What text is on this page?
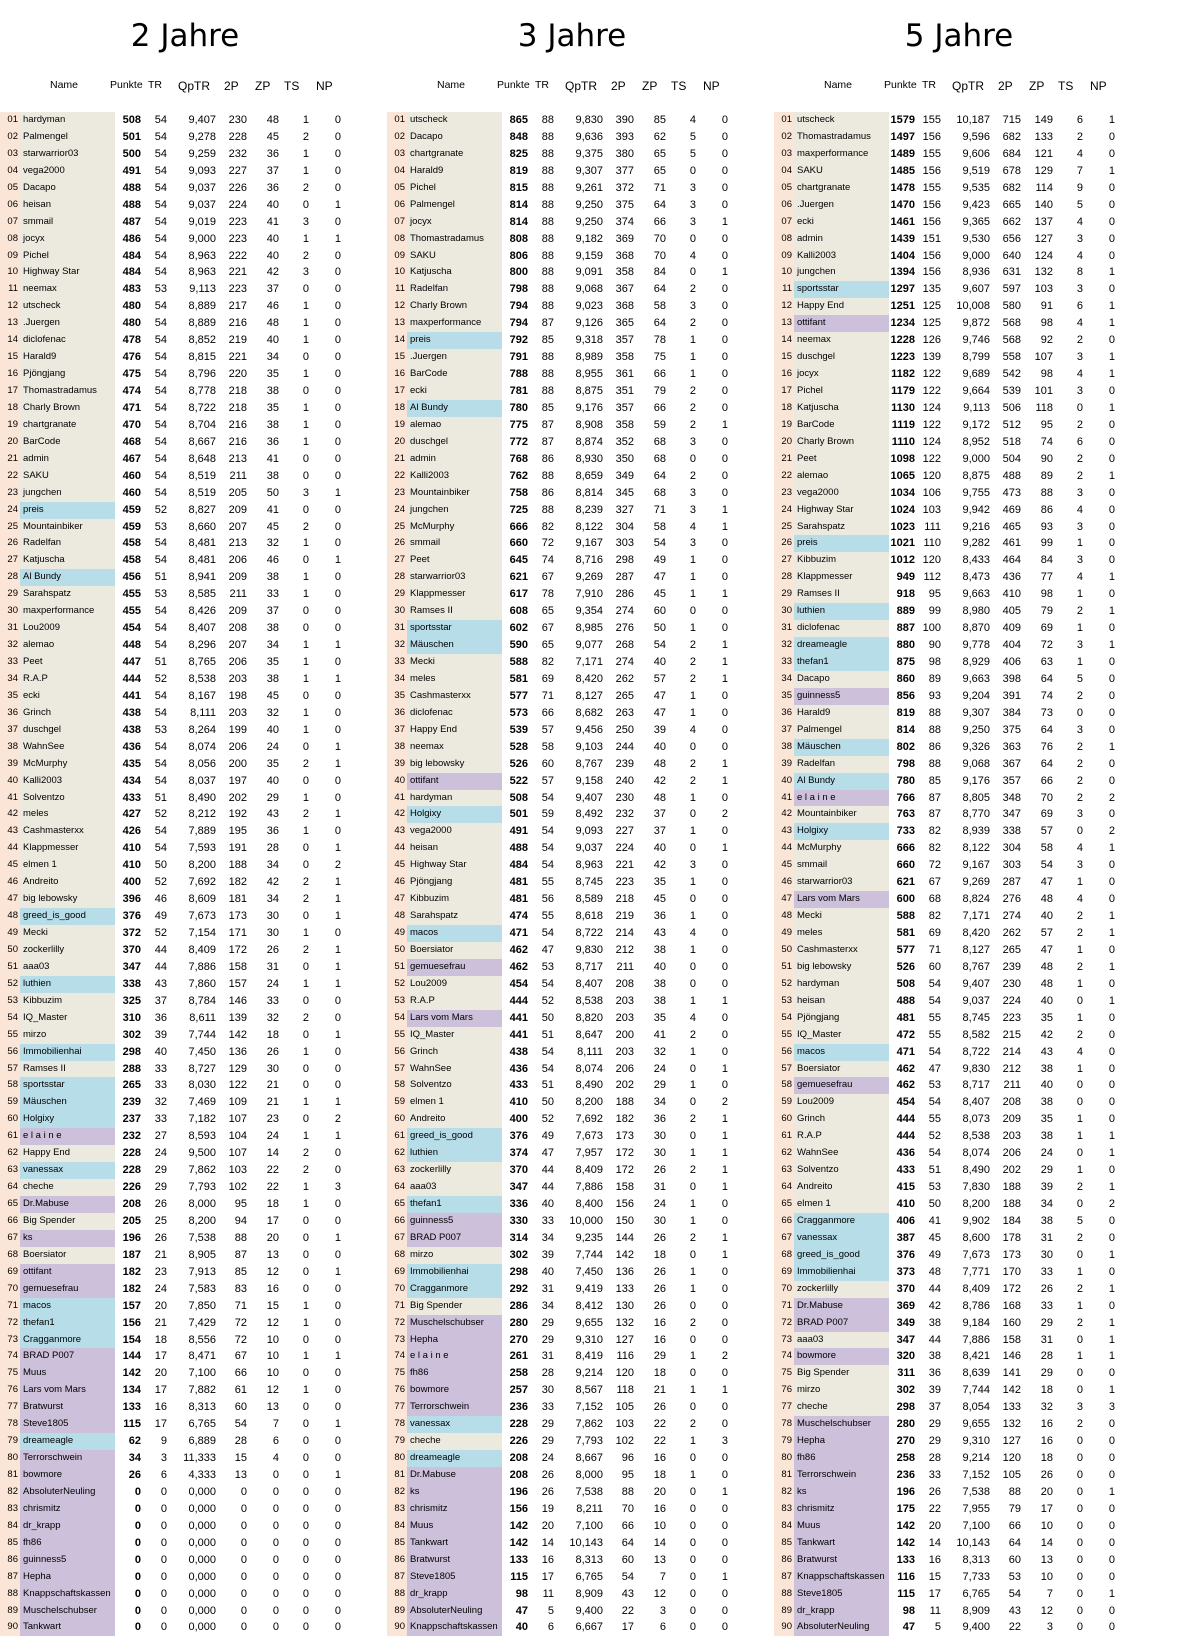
2 Jahre
Name	Punkte TR QpTR 2P ZP TS NP
01 hardyman	508 54 9,407 230 48 1 0
02 Palmengel	501 54 9,278 228 45 2 0
03 starwarrior03	500 54 9,259 232 36 1 0
04 vega2000	491 54 9,093 227 37 1 0
05 Dacapo	488 54 9,037 226 36 2 0
06 heisan	488 54 9,037 224 40 0 1
07 smmail	487 54 9,019 223 41 3 0
08 jocyx	486 54 9,000 223 40 1 1
09 Pichel	484 54 8,963 222 40 2 0
10 Highway Star	484 54 8,963 221 42 3 0
11 neemax	483 53 9,113 223 37 0 0
12 utscheck	480 54 8,889 217 46 1 0
13 .Juergen	480 54 8,889 216 48 1 0
14 diclofenac	478 54 8,852 219 40 1 0
15 Harald9	476 54 8,815 221 34 0 0
16 Pjöngjang	475 54 8,796 220 35 1 0
17 Thomastradamus	474 54 8,778 218 38 0 0
18 Charly Brown	471 54 8,722 218 35 1 0
19 chartgranate	470 54 8,704 216 38 1 0
20 BarCode	468 54 8,667 216 36 1 0
21 admin	467 54 8,648 213 41 0 0
22 SAKU	460 54 8,519 211 38 0 0
23 jungchen	460 54 8,519 205 50 3 1
24 preis	459 52 8,827 209 41 0 0
25 Mountainbiker	459 53 8,660 207 45 2 0
26 Radelfan	458 54 8,481 213 32 1 0
27 Katjuscha	458 54 8,481 206 46 0 1
28 Al Bundy	456 51 8,941 209 38 1 0
29 Sarahspatz	455 53 8,585 211 33 1 0
30 maxperformance	455 54 8,426 209 37 0 0
31 Lou2009	454 54 8,407 208 38 0 0
32 alemao	448 54 8,296 207 34 1 1
33 Peet	447 51 8,765 206 35 1 0
34 R.A.P	444 52 8,538 203 38 1 1
35 ecki	441 54 8,167 198 45 0 0
36 Grinch	438 54 8,111 203 32 1 0
37 duschgel	438 53 8,264 199 40 1 0
38 WahnSee	436 54 8,074 206 24 0 1
39 McMurphy	435 54 8,056 200 35 2 1
40 Kalli2003	434 54 8,037 197 40 0 0
41 Solventzo	433 51 8,490 202 29 1 0
42 meles	427 52 8,212 192 43 2 1
43 Cashmasterxx	426 54 7,889 195 36 1 0
44 Klappmesser	410 54 7,593 191 28 0 1
45 elmen 1	410 50 8,200 188 34 0 2
46 Andreito	400 52 7,692 182 42 2 1
47 big lebowsky	396 46 8,609 181 34 2 1
48 greed_is_good	376 49 7,673 173 30 0 1
49 Mecki	372 52 7,154 171 30 1 0
50 zockerlilly	370 44 8,409 172 26 2 1
51 aaa03	347 44 7,886 158 31 0 1
52 luthien	338 43 7,860 157 24 1 1
53 Kibbuzim	325 37 8,784 146 33 0 0
54 IQ_Master	310 36 8,611 139 32 2 0
55 mirzo	302 39 7,744 142 18 0 1
56 Immobilienhai	298 40 7,450 136 26 1 0
57 Ramses II	288 33 8,727 129 30 0 0
58 sportsstar	265 33 8,030 122 21 0 0
59 Mäuschen	239 32 7,469 109 21 1 1
60 Holgixy	237 33 7,182 107 23 0 2
61 e l a i n e	232 27 8,593 104 24 1 1
62 Happy End	228 24 9,500 107 14 2 0
63 vanessax	228 29 7,862 103 22 2 0
64 cheche	226 29 7,793 102 22 1 3
65 Dr.Mabuse	208 26 8,000 95 18 1 0
66 Big Spender	205 25 8,200 94 17 0 0
67 ks	196 26 7,538 88 20 0 1
68 Boersiator	187 21 8,905 87 13 0 0
69 ottifant	182 23 7,913 85 12 0 1
70 gemuesefrau	182 24 7,583 83 16 0 0
71 macos	157 20 7,850 71 15 1 0
72 thefan1	156 21 7,429 72 12 1 0
73 Cragganmore	154 18 8,556 72 10 0 0
74 BRAD P007	144 17 8,471 67 10 1 1
75 Muus	142 20 7,100 66 10 0 0
76 Lars vom Mars	134 17 7,882 61 12 1 0
77 Bratwurst	133 16 8,313 60 13 0 0
78 Steve1805	115 17 6,765 54 7 0 1
79 dreameagle	62 9 6,889 28 6 0 0
80 Terrorschwein	34 3 11,333 15 4 0 0
81 bowmore	26 6 4,333 13 0 0 1
82 AbsoluterNeuling	0 0 0,000 0 0 0 0
83 chrismitz	0 0 0,000 0 0 0 0
84 dr_krapp	0 0 0,000 0 0 0 0
85 fh86	0 0 0,000 0 0 0 0
86 guinness5	0 0 0,000 0 0 0 0
87 Hepha	0 0 0,000 0 0 0 0
88 Knappschaftskassen	0 0 0,000 0 0 0 0
89 Muschelschubser	0 0 0,000 0 0 0 0
90 Tankwart	0 0 0,000 0 0 0 0
3 Jahre
Name	Punkte TR QpTR 2P ZP TS NP
01 utscheck	865 88 9,830 390 85 4 0
02 Dacapo	848 88 9,636 393 62 5 0
03 chartgranate	825 88 9,375 380 65 5 0
04 Harald9	819 88 9,307 377 65 0 0
05 Pichel	815 88 9,261 372 71 3 0
06 Palmengel	814 88 9,250 375 64 3 0
07 jocyx	814 88 9,250 374 66 3 1
08 Thomastradamus	808 88 9,182 369 70 0 0
09 SAKU	806 88 9,159 368 70 4 0
10 Katjuscha	800 88 9,091 358 84 0 1
11 Radelfan	798 88 9,068 367 64 2 0
12 Charly Brown	794 88 9,023 368 58 3 0
13 maxperformance	794 87 9,126 365 64 2 0
14 preis	792 85 9,318 357 78 1 0
15 .Juergen	791 88 8,989 358 75 1 0
16 BarCode	788 88 8,955 361 66 1 0
17 ecki	781 88 8,875 351 79 2 0
18 Al Bundy	780 85 9,176 357 66 2 0
19 alemao	775 87 8,908 358 59 2 1
20 duschgel	772 87 8,874 352 68 3 0
21 admin	768 86 8,930 350 68 0 0
22 Kalli2003	762 88 8,659 349 64 2 0
23 Mountainbiker	758 86 8,814 345 68 3 0
24 jungchen	725 88 8,239 327 71 3 1
25 McMurphy	666 82 8,122 304 58 4 1
26 smmail	660 72 9,167 303 54 3 0
27 Peet	645 74 8,716 298 49 1 0
28 starwarrior03	621 67 9,269 287 47 1 0
29 Klappmesser	617 78 7,910 286 45 1 1
30 Ramses II	608 65 9,354 274 60 0 0
31 sportsstar	602 67 8,985 276 50 1 0
32 Mäuschen	590 65 9,077 268 54 2 1
33 Mecki	588 82 7,171 274 40 2 1
34 meles	581 69 8,420 262 57 2 1
35 Cashmasterxx	577 71 8,127 265 47 1 0
36 diclofenac	573 66 8,682 263 47 1 0
37 Happy End	539 57 9,456 250 39 4 0
38 neemax	528 58 9,103 244 40 0 0
39 big lebowsky	526 60 8,767 239 48 2 1
40 ottifant	522 57 9,158 240 42 2 1
41 hardyman	508 54 9,407 230 48 1 0
42 Holgixy	501 59 8,492 232 37 0 2
43 vega2000	491 54 9,093 227 37 1 0
44 heisan	488 54 9,037 224 40 0 1
45 Highway Star	484 54 8,963 221 42 3 0
46 Pjöngjang	481 55 8,745 223 35 1 0
47 Kibbuzim	481 56 8,589 218 45 0 0
48 Sarahspatz	474 55 8,618 219 36 1 0
49 macos	471 54 8,722 214 43 4 0
50 Boersiator	462 47 9,830 212 38 1 0
51 gemuesefrau	462 53 8,717 211 40 0 0
52 Lou2009	454 54 8,407 208 38 0 0
53 R.A.P	444 52 8,538 203 38 1 1
54 Lars vom Mars	441 50 8,820 203 35 4 0
55 IQ_Master	441 51 8,647 200 41 2 0
56 Grinch	438 54 8,111 203 32 1 0
57 WahnSee	436 54 8,074 206 24 0 1
58 Solventzo	433 51 8,490 202 29 1 0
59 elmen 1	410 50 8,200 188 34 0 2
60 Andreito	400 52 7,692 182 36 2 1
61 greed_is_good	376 49 7,673 173 30 0 1
62 luthien	374 47 7,957 172 30 1 1
63 zockerlilly	370 44 8,409 172 26 2 1
64 aaa03	347 44 7,886 158 31 0 1
65 thefan1	336 40 8,400 156 24 1 0
66 guinness5	330 33 10,000 150 30 1 0
67 BRAD P007	314 34 9,235 144 26 2 1
68 mirzo	302 39 7,744 142 18 0 1
69 Immobilienhai	298 40 7,450 136 26 1 0
70 Cragganmore	292 31 9,419 133 26 1 0
71 Big Spender	286 34 8,412 130 26 0 0
72 Muschelschubser	280 29 9,655 132 16 2 0
73 Hepha	270 29 9,310 127 16 0 0
74 e l a i n e	261 31 8,419 116 29 1 2
75 fh86	258 28 9,214 120 18 0 0
76 bowmore	257 30 8,567 118 21 1 1
77 Terrorschwein	236 33 7,152 105 26 0 0
78 vanessax	228 29 7,862 103 22 2 0
79 cheche	226 29 7,793 102 22 1 3
80 dreameagle	208 24 8,667 96 16 0 0
81 Dr.Mabuse	208 26 8,000 95 18 1 0
82 ks	196 26 7,538 88 20 0 1
83 chrismitz	156 19 8,211 70 16 0 0
84 Muus	142 20 7,100 66 10 0 0
85 Tankwart	142 14 10,143 64 14 0 0
86 Bratwurst	133 16 8,313 60 13 0 0
87 Steve1805	115 17 6,765 54 7 0 1
88 dr_krapp	98 11 8,909 43 12 0 0
89 AbsoluterNeuling	47 5 9,400 22 3 0 0
90 Knappschaftskassen	40 6 6,667 17 6 0 0
5 Jahre
Name	Punkte TR QpTR 2P ZP TS NP
01 utscheck	1579 155 10,187 715 149 6 1
02 Thomastradamus	1497 156 9,596 682 133 2 0
03 maxperformance	1489 155 9,606 684 121 4 0
04 SAKU	1485 156 9,519 678 129 7 1
05 chartgranate	1478 155 9,535 682 114 9 0
06 .Juergen	1470 156 9,423 665 140 5 0
07 ecki	1461 156 9,365 662 137 4 0
08 admin	1439 151 9,530 656 127 3 0
09 Kalli2003	1404 156 9,000 640 124 4 0
10 jungchen	1394 156 8,936 631 132 8 1
11 sportsstar	1297 135 9,607 597 103 3 0
12 Happy End	1251 125 10,008 580 91 6 1
13 ottifant	1234 125 9,872 568 98 4 1
14 neemax	1228 126 9,746 568 92 2 0
15 duschgel	1223 139 8,799 558 107 3 1
16 jocyx	1182 122 9,689 542 98 4 1
17 Pichel	1179 122 9,664 539 101 3 0
18 Katjuscha	1130 124 9,113 506 118 0 1
19 BarCode	1119 122 9,172 512 95 2 0
20 Charly Brown	1110 124 8,952 518 74 6 0
21 Peet	1098 122 9,000 504 90 2 0
22 alemao	1065 120 8,875 488 89 2 1
23 vega2000	1034 106 9,755 473 88 3 0
24 Highway Star	1024 103 9,942 469 86 4 0
25 Sarahspatz	1023 111 9,216 465 93 3 0
26 preis	1021 110 9,282 461 99 1 0
27 Kibbuzim	1012 120 8,433 464 84 3 0
28 Klappmesser	949 112 8,473 436 77 4 1
29 Ramses II	918 95 9,663 410 98 1 0
30 luthien	889 99 8,980 405 79 2 1
31 diclofenac	887 100 8,870 409 69 1 0
32 dreameagle	880 90 9,778 404 72 3 1
33 thefan1	875 98 8,929 406 63 1 0
34 Dacapo	860 89 9,663 398 64 5 0
35 guinness5	856 93 9,204 391 74 2 0
36 Harald9	819 88 9,307 384 73 0 0
37 Palmengel	814 88 9,250 375 64 3 0
38 Mäuschen	802 86 9,326 363 76 2 1
39 Radelfan	798 88 9,068 367 64 2 0
40 Al Bundy	780 85 9,176 357 66 2 0
41 e l a i n e	766 87 8,805 348 70 2 2
42 Mountainbiker	763 87 8,770 347 69 3 0
43 Holgixy	733 82 8,939 338 57 0 2
44 McMurphy	666 82 8,122 304 58 4 1
45 smmail	660 72 9,167 303 54 3 0
46 starwarrior03	621 67 9,269 287 47 1 0
47 Lars vom Mars	600 68 8,824 276 48 4 0
48 Mecki	588 82 7,171 274 40 2 1
49 meles	581 69 8,420 262 57 2 1
50 Cashmasterxx	577 71 8,127 265 47 1 0
51 big lebowsky	526 60 8,767 239 48 2 1
52 hardyman	508 54 9,407 230 48 1 0
53 heisan	488 54 9,037 224 40 0 1
54 Pjöngjang	481 55 8,745 223 35 1 0
55 IQ_Master	472 55 8,582 215 42 2 0
56 macos	471 54 8,722 214 43 4 0
57 Boersiator	462 47 9,830 212 38 1 0
58 gemuesefrau	462 53 8,717 211 40 0 0
59 Lou2009	454 54 8,407 208 38 0 0
60 Grinch	444 55 8,073 209 35 1 0
61 R.A.P	444 52 8,538 203 38 1 1
62 WahnSee	436 54 8,074 206 24 0 1
63 Solventzo	433 51 8,490 202 29 1 0
64 Andreito	415 53 7,830 188 39 2 1
65 elmen 1	410 50 8,200 188 34 0 2
66 Cragganmore	406 41 9,902 184 38 5 0
67 vanessax	387 45 8,600 178 31 2 0
68 greed_is_good	376 49 7,673 173 30 0 1
69 Immobilienhai	373 48 7,771 170 33 1 0
70 zockerlilly	370 44 8,409 172 26 2 1
71 Dr.Mabuse	369 42 8,786 168 33 1 0
72 BRAD P007	349 38 9,184 160 29 2 1
73 aaa03	347 44 7,886 158 31 0 1
74 bowmore	320 38 8,421 146 28 1 1
75 Big Spender	311 36 8,639 141 29 0 0
76 mirzo	302 39 7,744 142 18 0 1
77 cheche	298 37 8,054 133 32 3 3
78 Muschelschubser	280 29 9,655 132 16 2 0
79 Hepha	270 29 9,310 127 16 0 0
80 fh86	258 28 9,214 120 18 0 0
81 Terrorschwein	236 33 7,152 105 26 0 0
82 ks	196 26 7,538 88 20 0 1
83 chrismitz	175 22 7,955 79 17 0 0
84 Muus	142 20 7,100 66 10 0 0
85 Tankwart	142 14 10,143 64 14 0 0
86 Bratwurst	133 16 8,313 60 13 0 0
87 Knappschaftskassen	116 15 7,733 53 10 0 0
88 Steve1805	115 17 6,765 54 7 0 1
89 dr_krapp	98 11 8,909 43 12 0 0
90 AbsoluterNeuling	47 5 9,400 22 3 0 0
